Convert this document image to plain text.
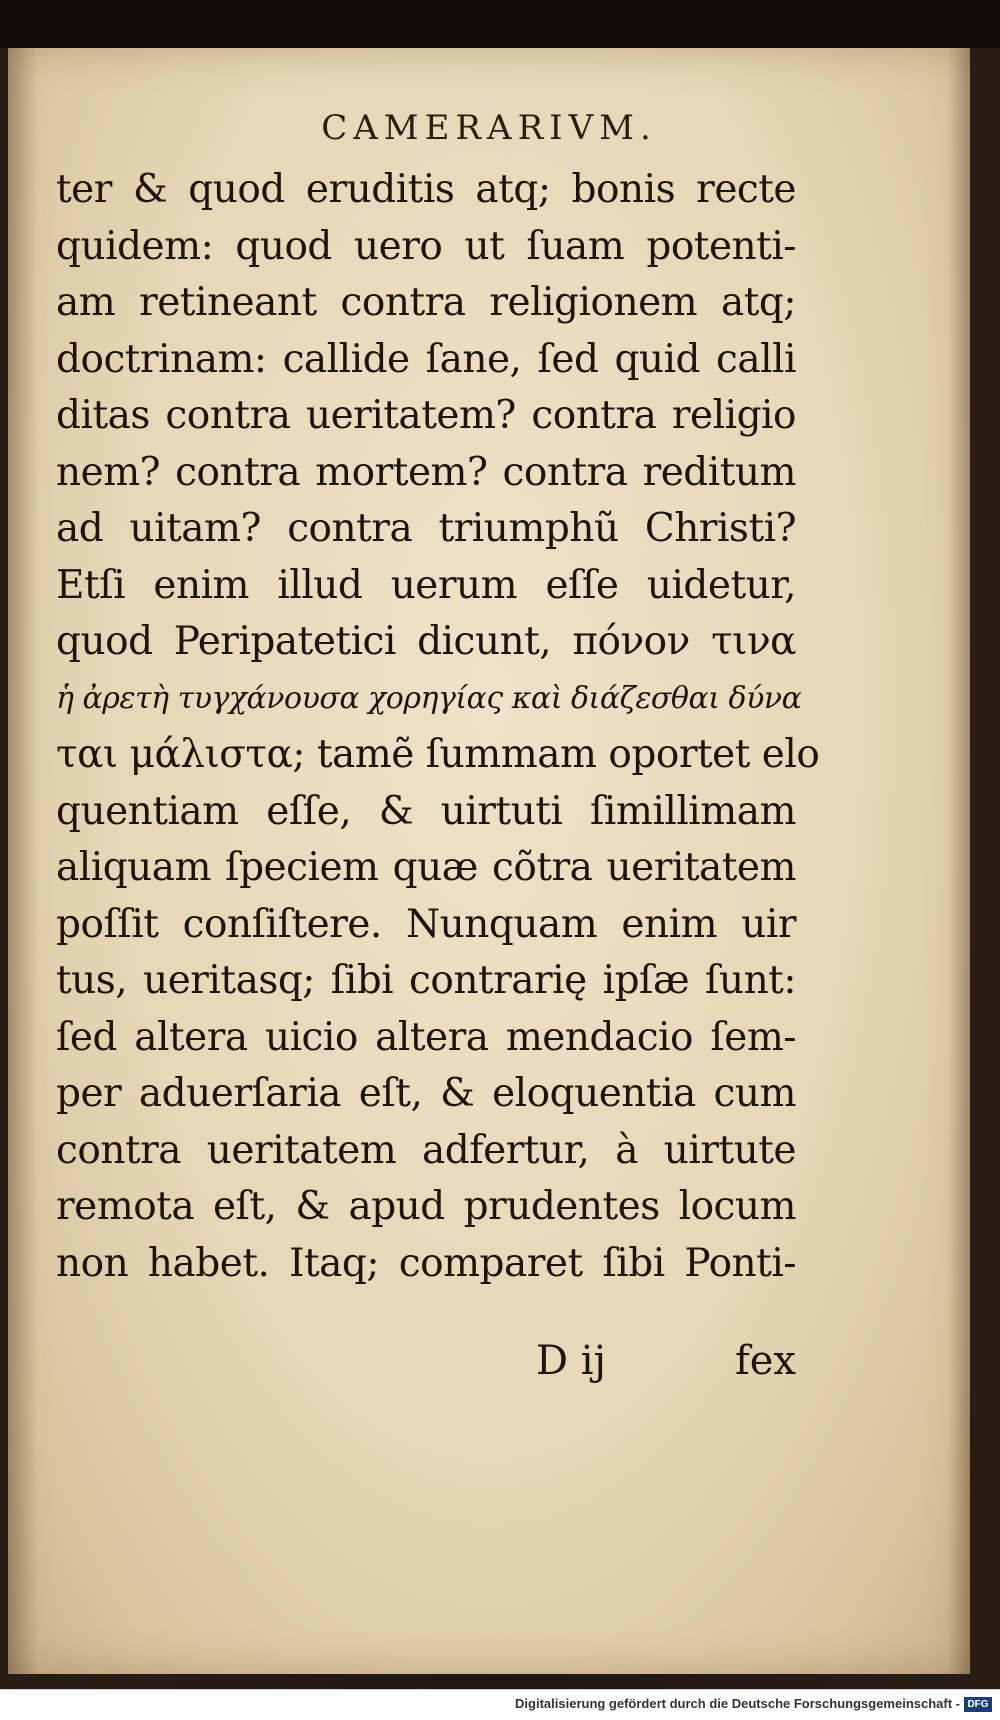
CAMERARIVM.
ter & quod eruditis atq; bonis recte
quidem: quod uero ut ſuam potenti-
am retineant contra religionem atq;
doctrinam: callide ſane, ſed quid calli
ditas contra ueritatem? contra religio
nem? contra mortem? contra reditum
ad uitam? contra triumphũ Christi?
Etſi enim illud uerum eſſe uidetur,
quod Peripatetici dicunt, πόνον τινα
ἡ ἀρετὴ τυγχάνουσα χορηγίας καὶ διάζεσθαι δύνα
ται μάλιστα; tamẽ ſummam oportet elo
quentiam eſſe, & uirtuti ſimillimam
aliquam ſpeciem quæ cõtra ueritatem
poſſit conſiſtere. Nunquam enim uir
tus, ueritasq; ſibi contrarię ipſæ ſunt:
ſed altera uicio altera mendacio ſem-
per aduerſaria eſt, & eloquentia cum
contra ueritatem adfertur, à uirtute
remota eſt, & apud prudentes locum
non habet. Itaq; comparet ſibi Ponti-
D ij	fex
Digitalisierung gefördert durch die Deutsche Forschungsgemeinschaft - DFG
